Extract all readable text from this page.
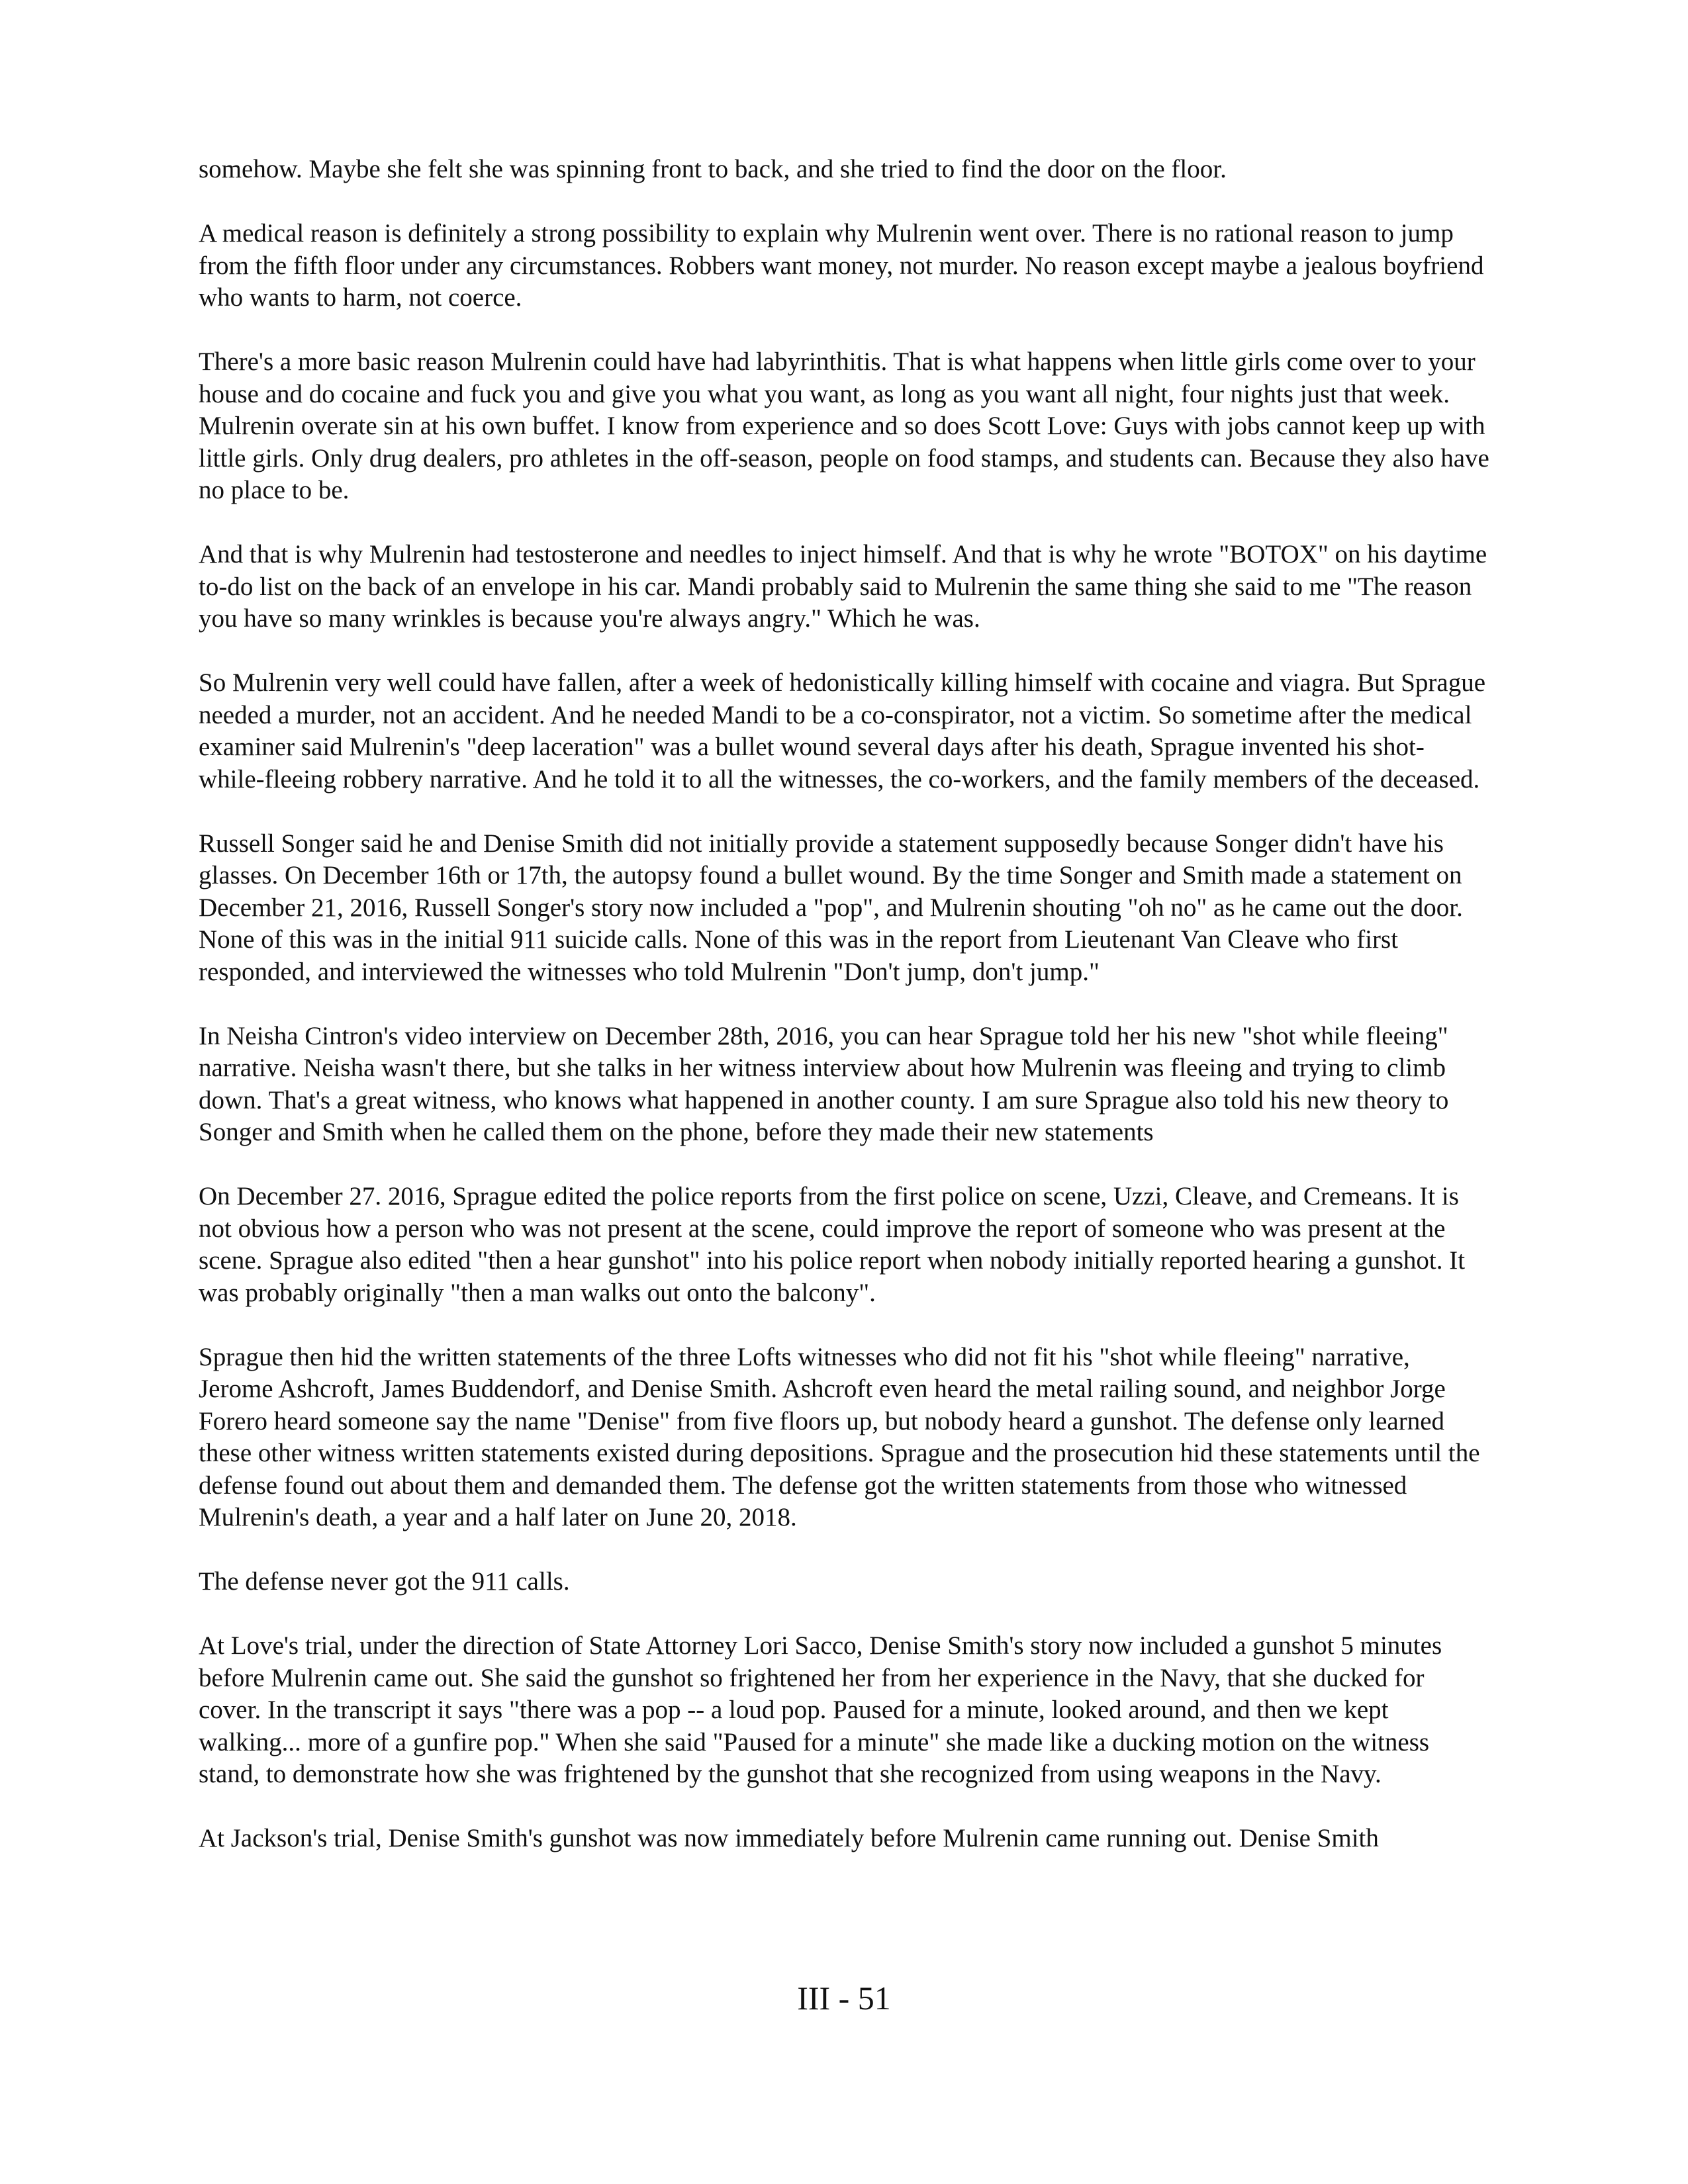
somehow. Maybe she felt she was spinning front to back, and she tried to find the door on the floor.

A medical reason is definitely a strong possibility to explain why Mulrenin went over. There is no rational reason to jump from the fifth floor under any circumstances. Robbers want money, not murder. No reason except maybe a jealous boyfriend who wants to harm, not coerce.

There's a more basic reason Mulrenin could have had labyrinthitis. That is what happens when little girls come over to your house and do cocaine and fuck you and give you what you want, as long as you want all night, four nights just that week. Mulrenin overate sin at his own buffet. I know from experience and so does Scott Love: Guys with jobs cannot keep up with little girls. Only drug dealers, pro athletes in the off-season, people on food stamps, and students can. Because they also have no place to be.

And that is why Mulrenin had testosterone and needles to inject himself. And that is why he wrote "BOTOX" on his daytime to-do list on the back of an envelope in his car. Mandi probably said to Mulrenin the same thing she said to me "The reason you have so many wrinkles is because you're always angry." Which he was.

So Mulrenin very well could have fallen, after a week of hedonistically killing himself with cocaine and viagra. But Sprague needed a murder, not an accident. And he needed Mandi to be a co-conspirator, not a victim. So sometime after the medical examiner said Mulrenin's "deep laceration" was a bullet wound several days after his death, Sprague invented his shot-while-fleeing robbery narrative. And he told it to all the witnesses, the co-workers, and the family members of the deceased.

Russell Songer said he and Denise Smith did not initially provide a statement supposedly because Songer didn't have his glasses. On December 16th or 17th, the autopsy found a bullet wound. By the time Songer and Smith made a statement on December 21, 2016, Russell Songer's story now included a "pop", and Mulrenin shouting "oh no" as he came out the door. None of this was in the initial 911 suicide calls. None of this was in the report from Lieutenant Van Cleave who first responded, and interviewed the witnesses who told Mulrenin "Don't jump, don't jump."

In Neisha Cintron's video interview on December 28th, 2016, you can hear Sprague told her his new "shot while fleeing" narrative. Neisha wasn't there, but she talks in her witness interview about how Mulrenin was fleeing and trying to climb down. That's a great witness, who knows what happened in another county. I am sure Sprague also told his new theory to Songer and Smith when he called them on the phone, before they made their new statements

On December 27. 2016, Sprague edited the police reports from the first police on scene, Uzzi, Cleave, and Cremeans. It is not obvious how a person who was not present at the scene, could improve the report of someone who was present at the scene. Sprague also edited "then a hear gunshot" into his police report when nobody initially reported hearing a gunshot. It was probably originally "then a man walks out onto the balcony".

Sprague then hid the written statements of the three Lofts witnesses who did not fit his "shot while fleeing" narrative, Jerome Ashcroft, James Buddendorf, and Denise Smith. Ashcroft even heard the metal railing sound, and neighbor Jorge Forero heard someone say the name "Denise" from five floors up, but nobody heard a gunshot. The defense only learned these other witness written statements existed during depositions. Sprague and the prosecution hid these statements until the defense found out about them and demanded them. The defense got the written statements from those who witnessed Mulrenin's death, a year and a half later on June 20, 2018.

The defense never got the 911 calls.

At Love's trial, under the direction of State Attorney Lori Sacco, Denise Smith's story now included a gunshot 5 minutes before Mulrenin came out. She said the gunshot so frightened her from her experience in the Navy, that she ducked for cover. In the transcript it says "there was a pop -- a loud pop. Paused for a minute, looked around, and then we kept walking... more of a gunfire pop." When she said "Paused for a minute" she made like a ducking motion on the witness stand, to demonstrate how she was frightened by the gunshot that she recognized from using weapons in the Navy.

At Jackson's trial, Denise Smith's gunshot was now immediately before Mulrenin came running out. Denise Smith

III - 51
